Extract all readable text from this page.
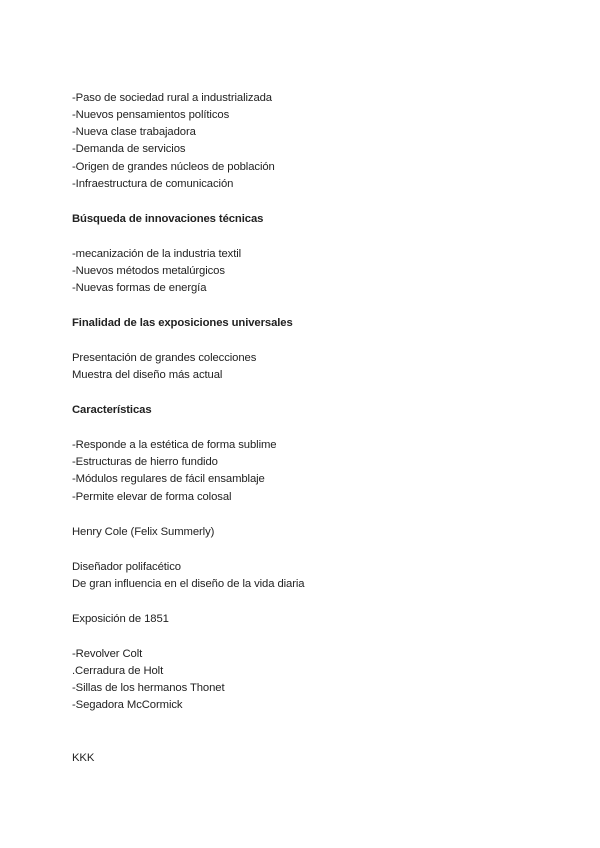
-Paso de sociedad rural a industrializada
-Nuevos pensamientos políticos
-Nueva clase trabajadora
-Demanda de servicios
-Origen de grandes núcleos de población
-Infraestructura de comunicación
Búsqueda de innovaciones técnicas
-mecanización de la industria textil
-Nuevos métodos metalúrgicos
-Nuevas formas de energía
Finalidad de las exposiciones universales
Presentación de grandes colecciones
Muestra del diseño más actual
Características
-Responde a la estética de forma sublime
-Estructuras de hierro fundido
-Módulos regulares de fácil ensamblaje
-Permite elevar de forma colosal
Henry Cole (Felix Summerly)
Diseñador polifacético
De gran influencia en el diseño de la vida diaria
Exposición de 1851
-Revolver Colt
.Cerradura de Holt
-Sillas de los hermanos Thonet
-Segadora McCormick
KKK
